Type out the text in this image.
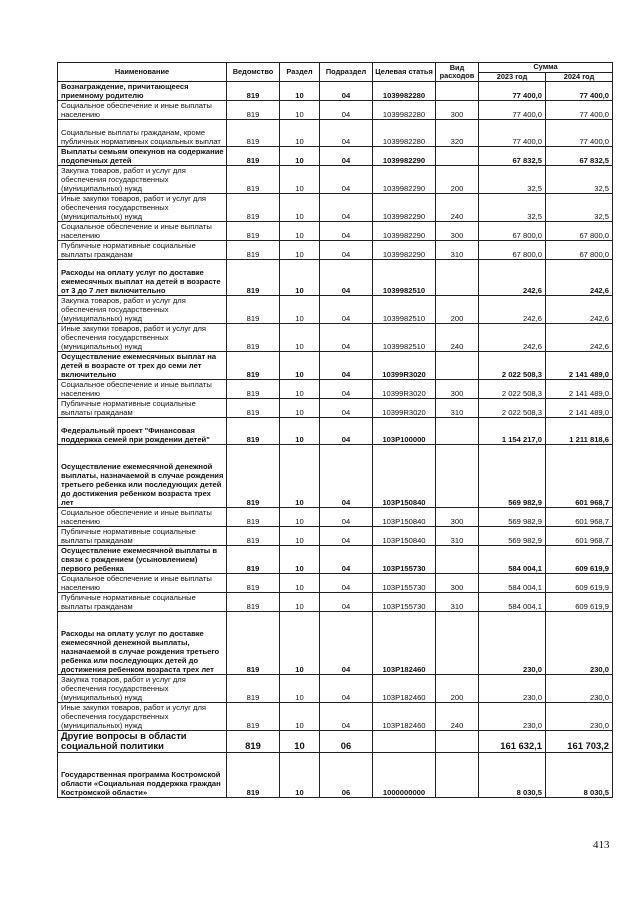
Наименование	Ведомство	Раздел	Подраздел	Целевая статья	Вид расходов	Сумма	
						2023 год	2024 год
Вознаграждение, причитающееся приемному родителю	819	10	04	1039982280		77 400,0	77 400,0
Социальное обеспечение и иные выплаты населению	819	10	04	1039982280	300	77 400,0	77 400,0
Социальные выплаты гражданам, кроме публичных нормативных социальных выплат	819	10	04	1039982280	320	77 400,0	77 400,0
Выплаты семьям опекунов на содержание подопечных детей	819	10	04	1039982290		67 832,5	67 832,5
Закупка товаров, работ и услуг для обеспечения государственных (муниципальных) нужд	819	10	04	1039982290	200	32,5	32,5
Иные закупки товаров, работ и услуг для обеспечения государственных (муниципальных) нужд	819	10	04	1039982290	240	32,5	32,5
Социальное обеспечение и иные выплаты населению	819	10	04	1039982290	300	67 800,0	67 800,0
Публичные нормативные социальные выплаты гражданам	819	10	04	1039982290	310	67 800,0	67 800,0
Расходы на оплату услуг по доставке ежемесячных выплат на детей в возрасте от 3 до 7 лет включительно	819	10	04	1039982510		242,6	242,6
Закупка товаров, работ и услуг для обеспечения государственных (муниципальных) нужд	819	10	04	1039982510	200	242,6	242,6
Иные закупки товаров, работ и услуг для обеспечения государственных (муниципальных) нужд	819	10	04	1039982510	240	242,6	242,6
Осуществление ежемесячных выплат на детей в возрасте от трех до семи лет включительно	819	10	04	10399R3020		2 022 508,3	2 141 489,0
Социальное обеспечение и иные выплаты населению	819	10	04	10399R3020	300	2 022 508,3	2 141 489,0
Публичные нормативные социальные выплаты гражданам	819	10	04	10399R3020	310	2 022 508,3	2 141 489,0
Федеральный проект "Финансовая поддержка семей при рождении детей"	819	10	04	103P100000		1 154 217,0	1 211 818,6
Осуществление ежемесячной денежной выплаты, назначаемой в случае рождения третьего ребенка или последующих детей до достижения ребенком возраста трех лет	819	10	04	103P150840		569 982,9	601 968,7
Социальное обеспечение и иные выплаты населению	819	10	04	103P150840	300	569 982,9	601 968,7
Публичные нормативные социальные выплаты гражданам	819	10	04	103P150840	310	569 982,9	601 968,7
Осуществление ежемесячной выплаты в связи с рождением (усыновлением) первого ребенка	819	10	04	103P155730		584 004,1	609 619,9
Социальное обеспечение и иные выплаты населению	819	10	04	103P155730	300	584 004,1	609 619,9
Публичные нормативные социальные выплаты гражданам	819	10	04	103P155730	310	584 004,1	609 619,9
Расходы на оплату услуг по доставке ежемесячной денежной выплаты, назначаемой в случае рождения третьего ребенка или последующих детей до достижения ребенком возраста трех лет	819	10	04	103P182460		230,0	230,0
Закупка товаров, работ и услуг для обеспечения государственных (муниципальных) нужд	819	10	04	103P182460	200	230,0	230,0
Иные закупки товаров, работ и услуг для обеспечения государственных (муниципальных) нужд	819	10	04	103P182460	240	230,0	230,0
Другие вопросы в области социальной политики	819	10	06			161 632,1	161 703,2
Государственная программа Костромской области «Социальная поддержка граждан Костромской области»	819	10	06	1000000000		8 030,5	8 030,5
413
